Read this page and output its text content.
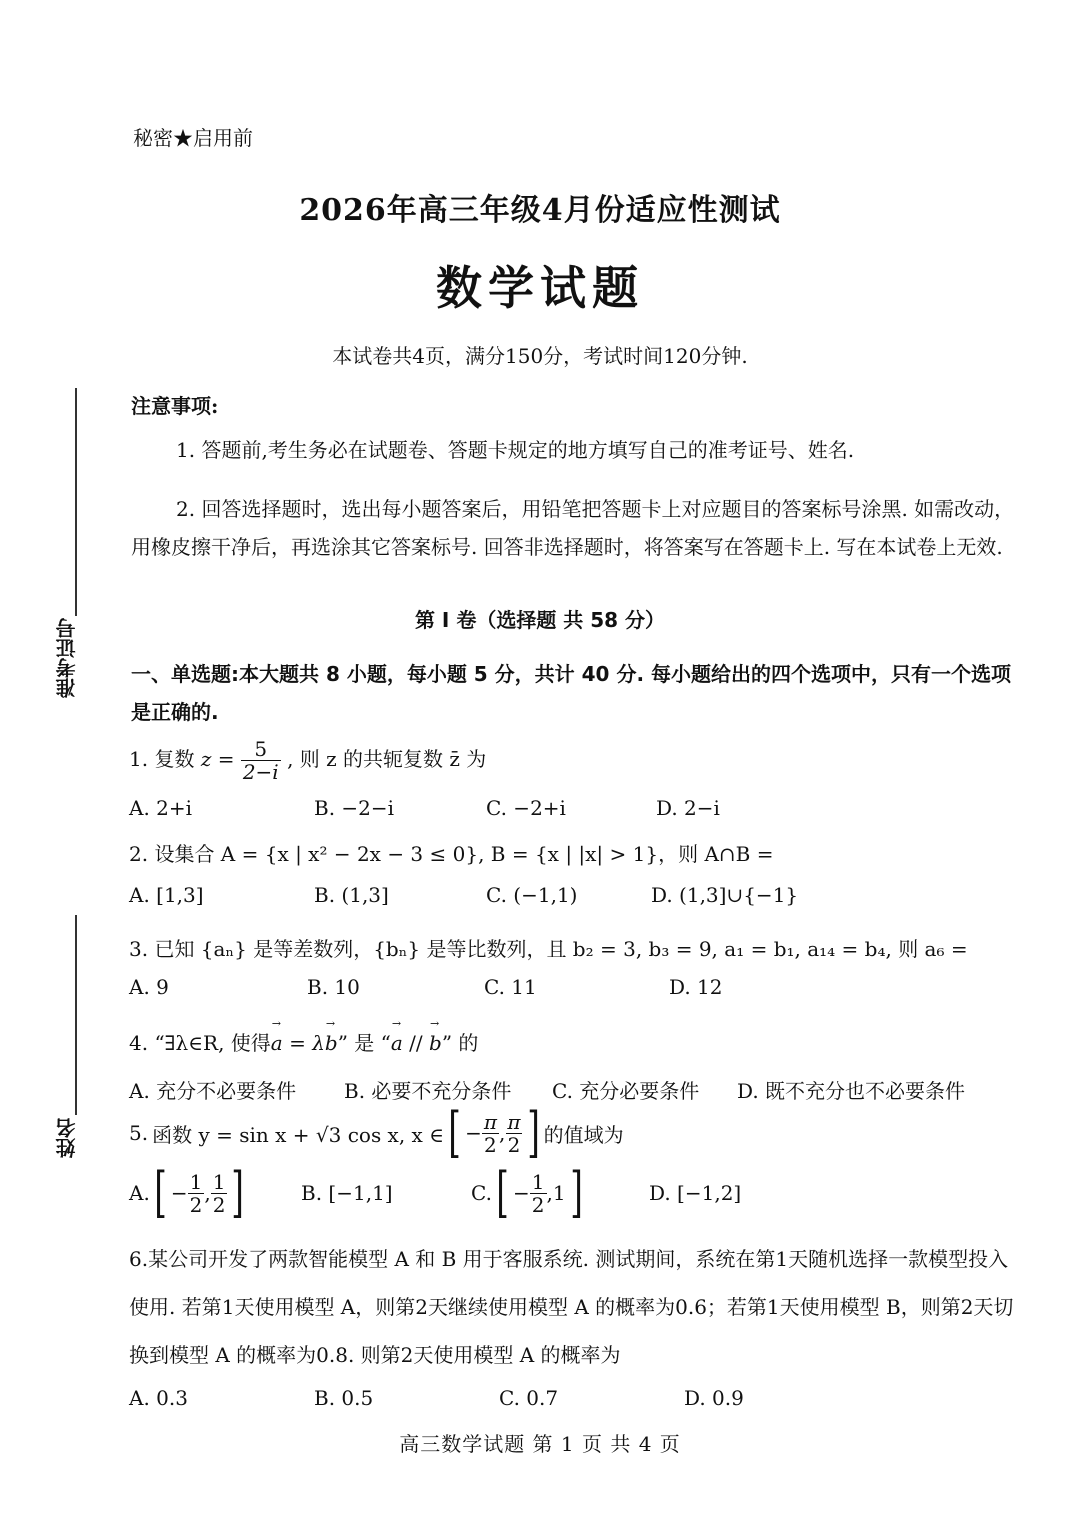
准考证号
姓名
秘密★启用前
2026年高三年级4月份适应性测试
数学试题
本试卷共4页，满分150分，考试时间120分钟.
注意事项:
1. 答题前,考生务必在试题卷、答题卡规定的地方填写自己的准考证号、姓名.
2. 回答选择题时，选出每小题答案后，用铅笔把答题卡上对应题目的答案标号涂黑. 如需改动，用橡皮擦干净后，再选涂其它答案标号. 回答非选择题时，将答案写在答题卡上. 写在本试卷上无效.
第 Ⅰ 卷（选择题 共 58 分）
一、单选题:本大题共 8 小题，每小题 5 分，共计 40 分. 每小题给出的四个选项中，只有一个选项是正确的.
1. 复数 $z = \frac{5}{2-i}$ , 则 z 的共轭复数 z̄ 为
A. 2+i	B. −2−i	C. −2+i	D. 2−i
2. 设集合 A = {x | x² − 2x − 3 ≤ 0}, B = {x | |x| > 1}，则 A∩B =
A. [1,3]	B. (1,3]	C. (−1,1)	D. (1,3]∪{−1}
3. 已知 {aₙ} 是等差数列，{bₙ} 是等比数列，且 b₂ = 3, b₃ = 9, a₁ = b₁, a₁₄ = b₄, 则 a₆ =
A. 9	B. 10	C. 11	D. 12
4. “∃λ∈R, 使得→ a = λ→ b” 是 “→ a // → b” 的
A. 充分不必要条件	B. 必要不充分条件	C. 充分必要条件	D. 既不充分也不必要条件
5. 函数 y = sin x + √3 cos x, x ∈ [ − $\frac{\pi}{2}$ , $\frac{\pi}{2}$ ] 的值域为
A. [ − $\frac{1}{2}$ , $\frac{1}{2}$ ]	B. [−1,1]	C. [ − $\frac{1}{2}$ , 1 ]	D. [−1,2]
6.某公司开发了两款智能模型 A 和 B 用于客服系统. 测试期间，系统在第1天随机选择一款模型投入使用. 若第1天使用模型 A，则第2天继续使用模型 A 的概率为0.6；若第1天使用模型 B，则第2天切换到模型 A 的概率为0.8. 则第2天使用模型 A 的概率为
A. 0.3	B. 0.5	C. 0.7	D. 0.9
高三数学试题 第 1 页 共 4 页
